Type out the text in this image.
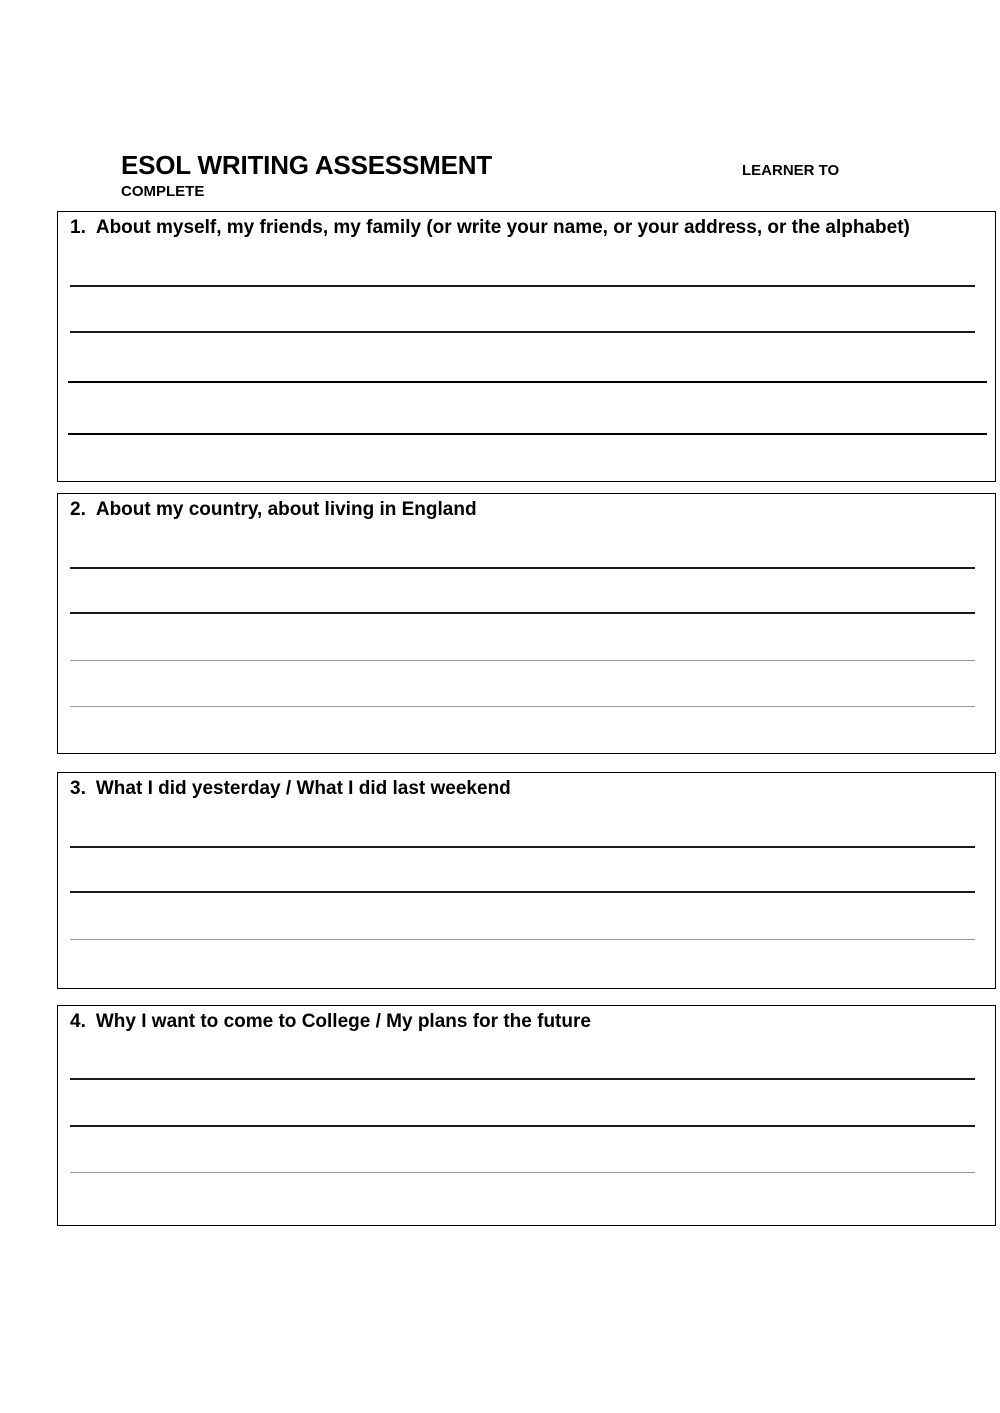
ESOL WRITING ASSESSMENT	LEARNER TO
COMPLETE
1. About myself, my friends, my family (or write your name, or your address, or the alphabet)
2. About my country, about living in England
3. What I did yesterday / What I did last weekend
4. Why I want to come to College / My plans for the future
